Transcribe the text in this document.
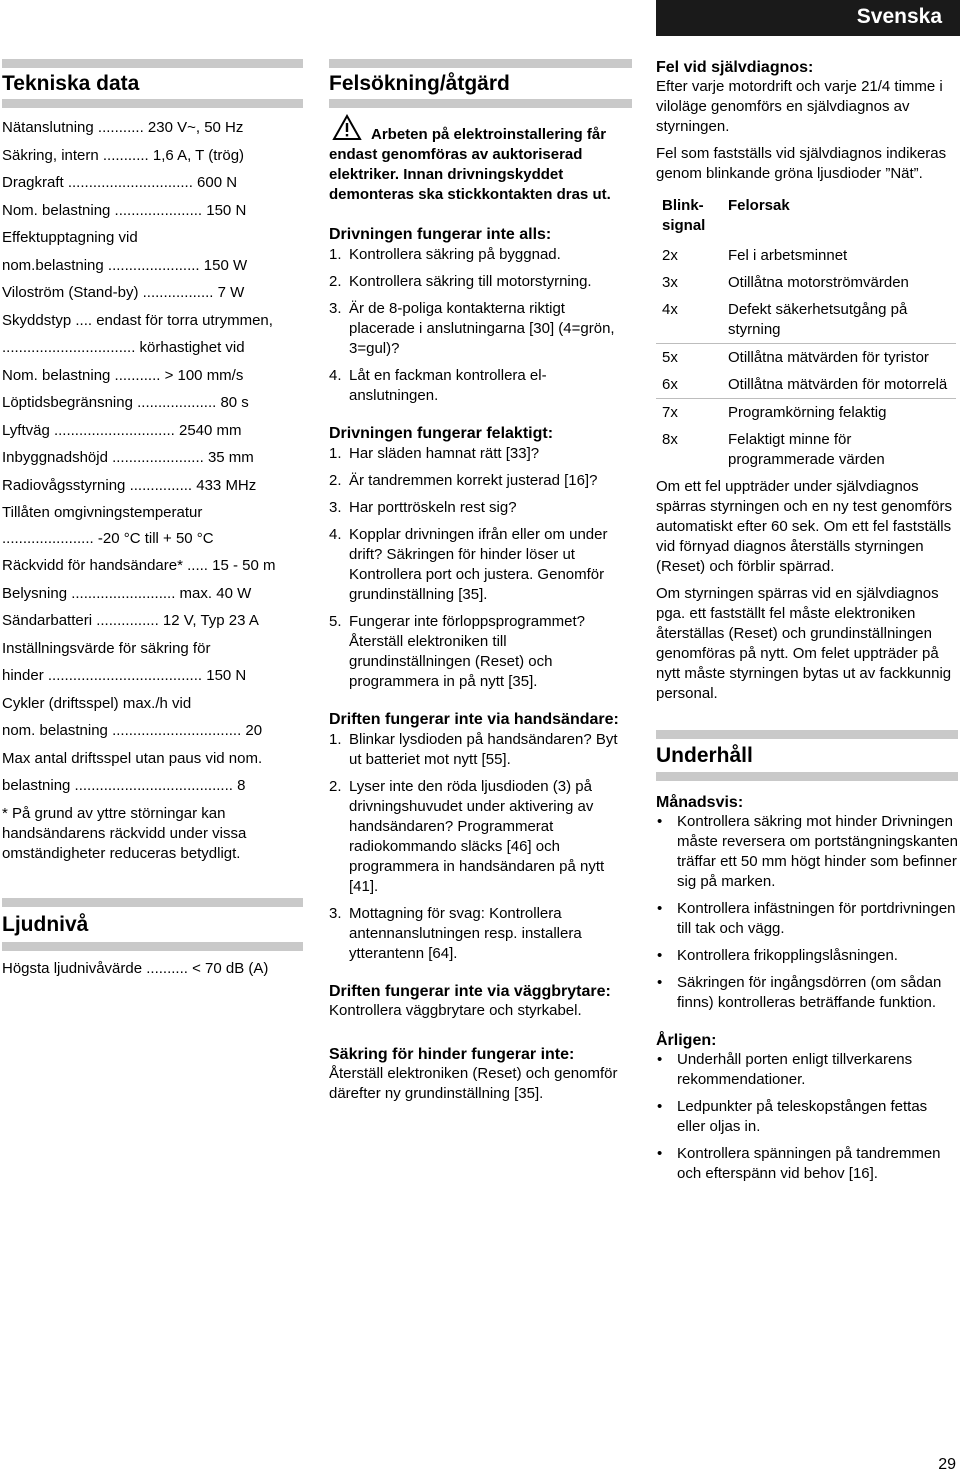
Svenska
Tekniska data
Nätanslutning ........... 230 V~, 50 Hz
Säkring, intern ........... 1,6 A, T (trög)
Dragkraft .............................. 600 N
Nom. belastning ..................... 150 N
Effektupptagning vid
nom.belastning ...................... 150 W
Viloström (Stand-by) ................. 7 W
Skyddstyp .... endast för torra utrymmen,
................................ körhastighet vid
Nom. belastning ........... > 100 mm/s
Löptidsbegränsning ................... 80 s
Lyftväg ............................. 2540 mm
Inbyggnadshöjd ...................... 35 mm
Radiovågsstyrning ............... 433 MHz
Tillåten omgivningstemperatur
...................... -20 °C till + 50 °C
Räckvidd för handsändare* ..... 15 - 50 m
Belysning ......................... max. 40 W
Sändarbatteri ............... 12 V, Typ 23 A
Inställningsvärde för säkring för
hinder ..................................... 150 N
Cykler (driftsspel) max./h vid
nom. belastning ............................... 20
Max antal driftsspel utan paus vid nom.
belastning ...................................... 8

* På grund av yttre störningar kan handsändarens räckvidd under vissa omständigheter reduceras betydligt.

Ljudnivå
Högsta ljudnivåvärde .......... < 70 dB (A)
Felsökning/åtgärd

Arbeten på elektroinstallering får endast genomföras av auktoriserad elektriker. Innan drivningskyddet demonteras ska stickkontakten dras ut.

Drivningen fungerar inte alls:
1. Kontrollera säkring på byggnad.
2. Kontrollera säkring till motorstyrning.
3. Är de 8-poliga kontakterna riktigt placerade i anslutningarna [30] (4=grön, 3=gul)?
4. Låt en fackman kontrollera el-anslutningen.
Drivningen fungerar felaktigt:
1. Har släden hamnat rätt [33]?
2. Är tandremmen korrekt justerad [16]?
3. Har porttröskeln rest sig?
4. Kopplar drivningen ifrån eller om under drift? Säkringen för hinder löser ut Kontrollera port och justera. Genomför grundinställning [35].
5. Fungerar inte förloppsprogrammet? Återställ elektroniken till grundinställningen (Reset) och programmera in på nytt [35].
Driften fungerar inte via handsändare:
1. Blinkar lysdioden på handsändaren? Byt ut batteriet mot nytt [55].
2. Lyser inte den röda ljusdioden (3) på drivningshuvudet under aktivering av handsändaren? Programmerat radiokommando släcks [46] och programmera in handsändaren på nytt [41].
3. Mottagning för svag: Kontrollera antennanslutningen resp. installera ytterantenn [64].
Driften fungerar inte via väggbrytare:

Kontrollera väggbrytare och styrkabel.

Säkring för hinder fungerar inte:

Återställ elektroniken (Reset) och genomför därefter ny grundinställning [35].

Fel vid självdiagnos:

Efter varje motordrift och varje 21/4 timme i viloläge genomförs en självdiagnos av styrningen.

Fel som fastställs vid självdiagnos indikeras genom blinkande gröna ljusdioder ”Nät”.

Blink-signal	Felorsak
2x	Fel i arbetsminnet
3x	Otillåtna motorströmvärden
4x	Defekt säkerhetsutgång på styrning
5x	Otillåtna mätvärden för tyristor
6x	Otillåtna mätvärden för motorrelä
7x	Programkörning felaktig
8x	Felaktigt minne för programmerade värden

Om ett fel uppträder under självdiagnos spärras styrningen och en ny test genomförs automatiskt efter 60 sek. Om ett fel fastställs vid förnyad diagnos återställs styrningen (Reset) och förblir spärrad.

Om styrningen spärras vid en självdiagnos pga. ett fastställt fel måste elektroniken återställas (Reset) och grundinställningen genomföras på nytt. Om felet uppträder på nytt måste styrningen bytas ut av fackkunnig personal.

Underhåll
Månadsvis:
• Kontrollera säkring mot hinder Drivningen måste reversera om portstängningskanten träffar ett 50 mm högt hinder som befinner sig på marken.
• Kontrollera infästningen för portdrivningen till tak och vägg.
• Kontrollera frikopplingslåsningen.
• Säkringen för ingångsdörren (om sådan finns) kontrolleras beträffande funktion.
Årligen:
• Underhåll porten enligt tillverkarens rekommendationer.
• Ledpunkter på teleskopstången fettas eller oljas in.
• Kontrollera spänningen på tandremmen och efterspänn vid behov [16].
29
